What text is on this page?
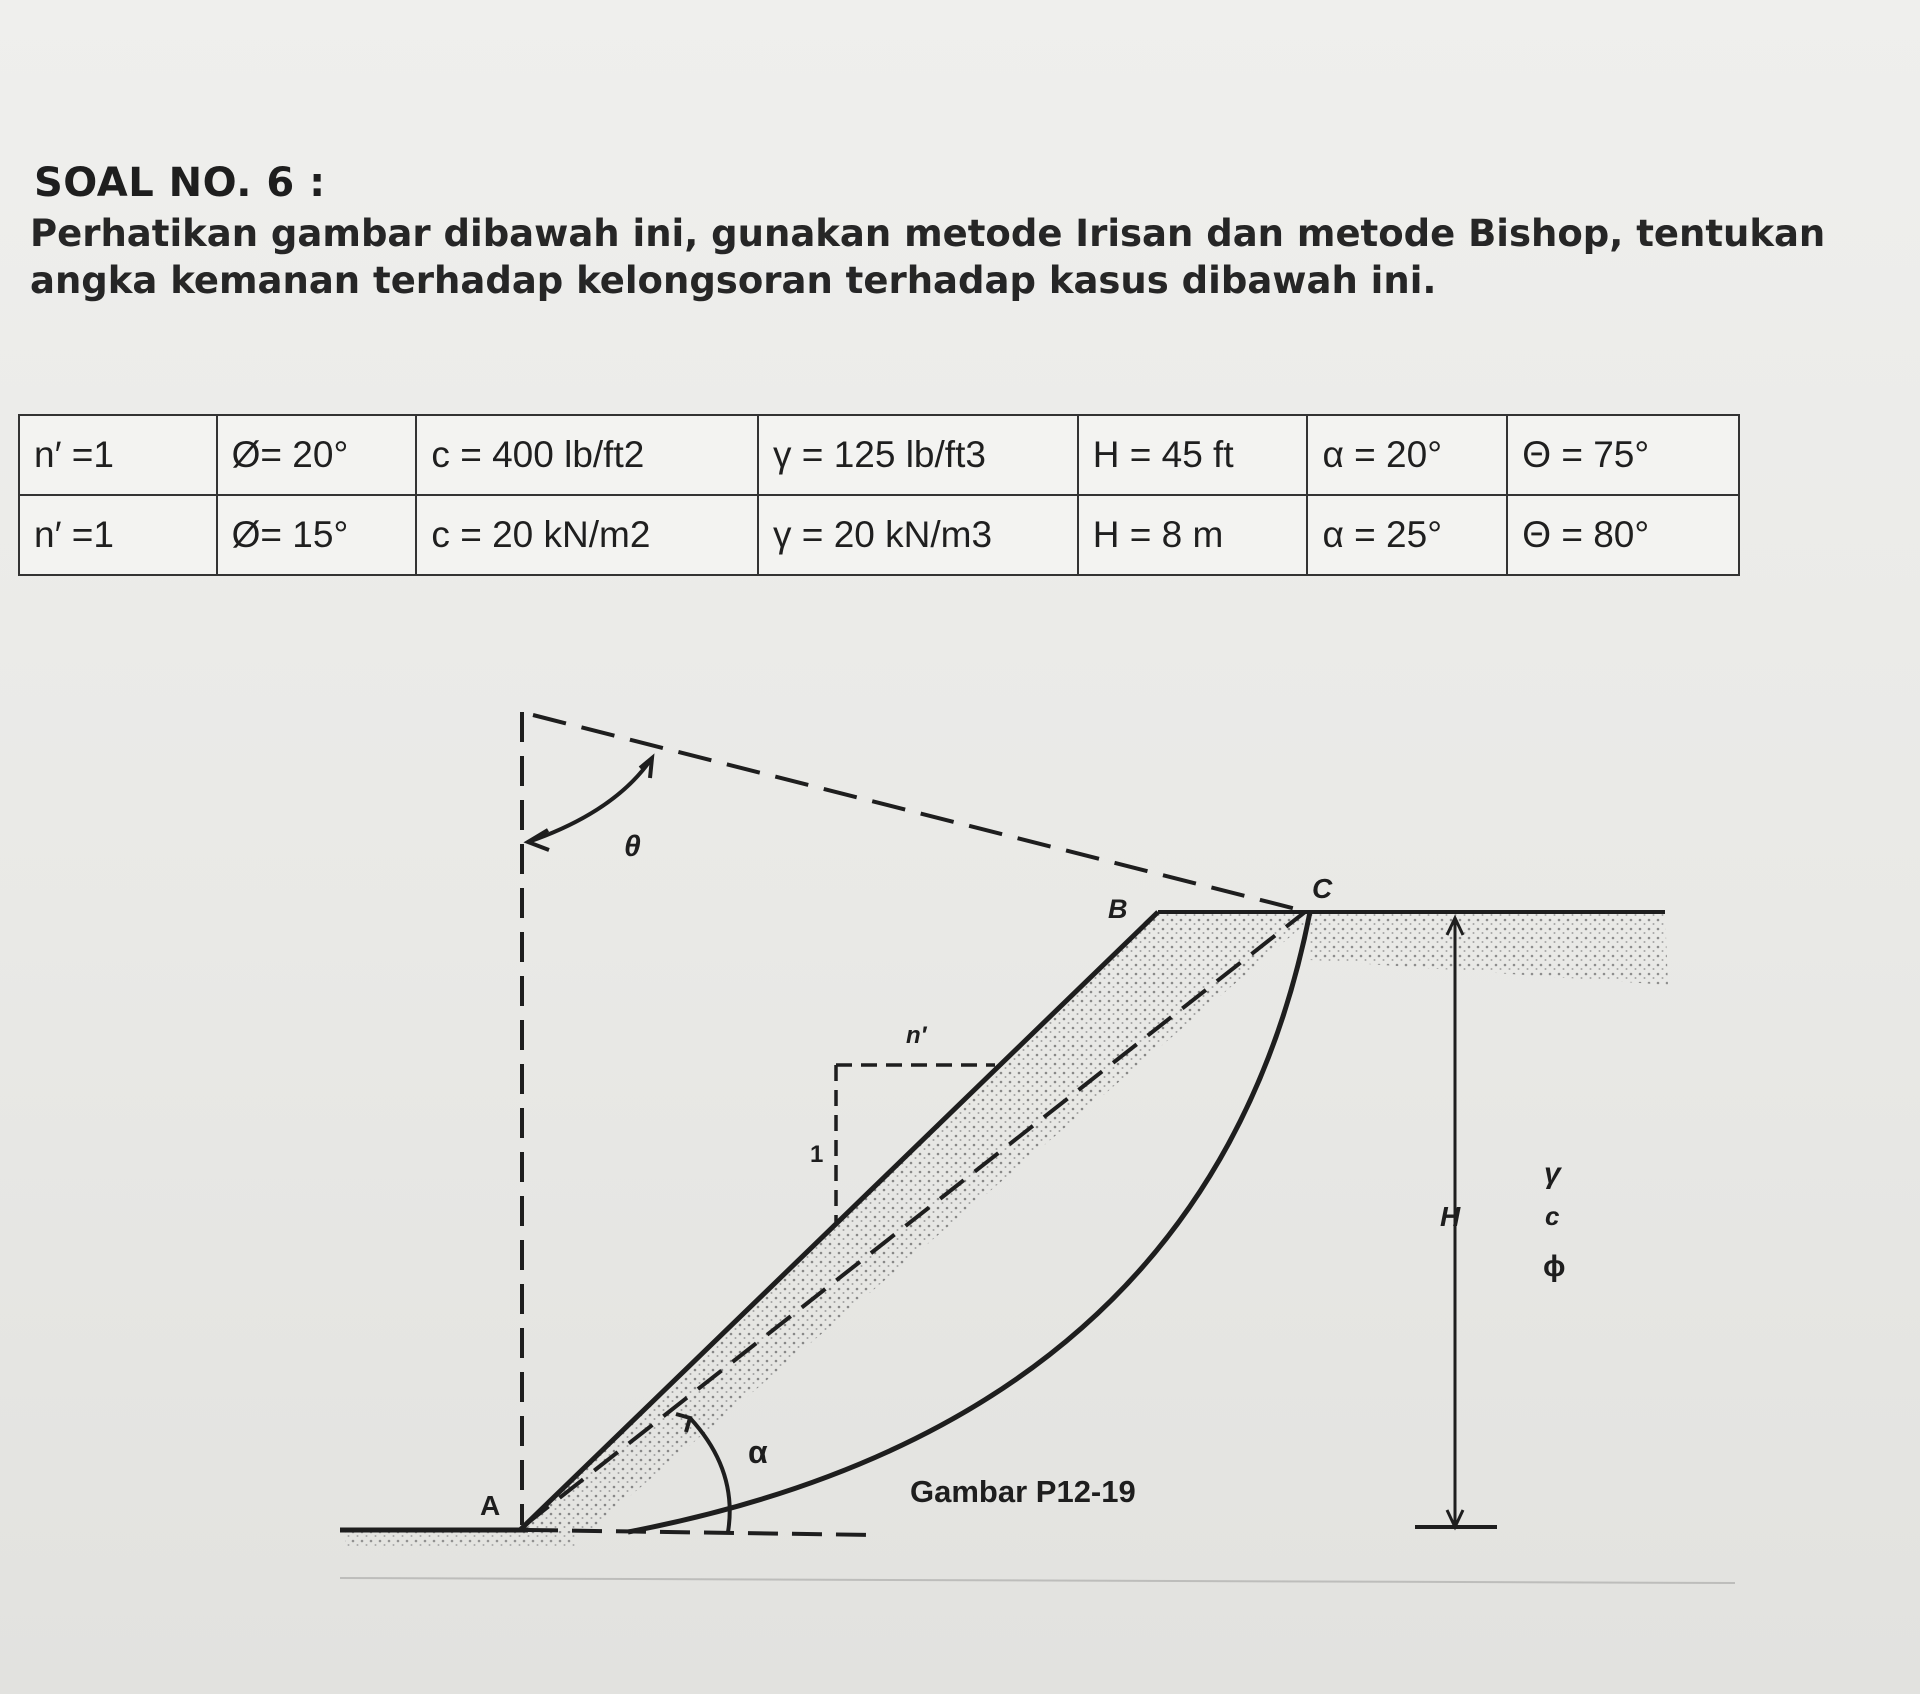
SOAL NO. 6 :
Perhatikan gambar dibawah ini, gunakan metode Irisan dan metode Bishop, tentukan
angka kemanan terhadap kelongsoran terhadap kasus dibawah ini.
n′ =1	Ø= 20°	c = 400 lb/ft2	γ = 125 lb/ft3	H = 45 ft	α = 20°	Θ = 75°
n′ =1	Ø= 15°	c = 20 kN/m2	γ = 20 kN/m3	H = 8 m	α = 25°	Θ = 80°
A
B
C
θ
α
n′
1
H
γ
c
ϕ
Gambar P12-19
